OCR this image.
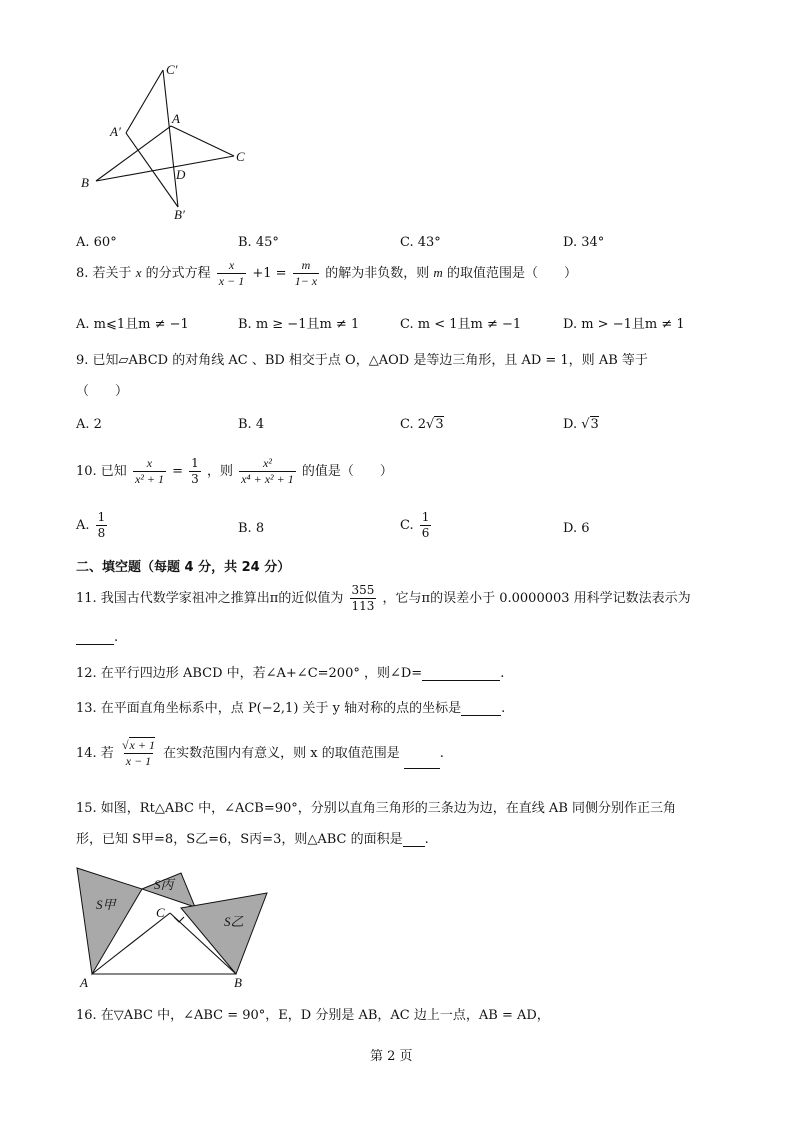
C′
A′
A
C
B
D
B′
A. 60°	B. 45°	C. 43°	D. 34°
8. 若关于 x 的分式方程 $\frac{x}{x - 1} +1 = \frac{m}{1- x}$ 的解为非负数，则 m 的取值范围是（　　）
A. m⩽1且m ≠ −1	B. m ≥ −1且m ≠ 1	C. m < 1且m ≠ −1	D. m > −1且m ≠ 1
9. 已知▱ABCD 的对角线 AC 、BD 相交于点 O，△AOD 是等边三角形，且 AD = 1，则 AB 等于
（　　）
A. 2	B. 4	C. 2√3	D. √3
10. 已知 $\frac{x}{\text{x² + 1}} = \frac{1}{3}$ ，则 $\frac{\text{x²}}{\text{x⁴ + x² + 1}}$ 的值是（　　）
A. $\frac{1}{8}$	B. 8	C. $\frac{1}{6}$	D. 6
二、填空题（每题 4 分，共 24 分）
11. 我国古代数学家祖冲之推算出π的近似值为 $\frac{355}{113}$ ，它与π的误差小于 0.0000003 用科学记数法表示为
.
12. 在平行四边形 ABCD 中，若∠A+∠C=200° ，则∠D=	.
13. 在平面直角坐标系中，点 P(−2,1) 关于 y 轴对称的点的坐标是	.
14. 若 $\frac{√x + 1}{x - 1}$ 在实数范围内有意义，则 x 的取值范围是	.
15. 如图，Rt△ABC 中，∠ACB=90°，分别以直角三角形的三条边为边，在直线 AB 同侧分别作正三角
形，已知 S甲=8，S乙=6，S丙=3，则△ABC 的面积是 .
S甲
S丙
S乙
C
A	B
16. 在▽ABC 中，∠ABC = 90°，E，D 分别是 AB，AC 边上一点，AB = AD，
第 2 页
